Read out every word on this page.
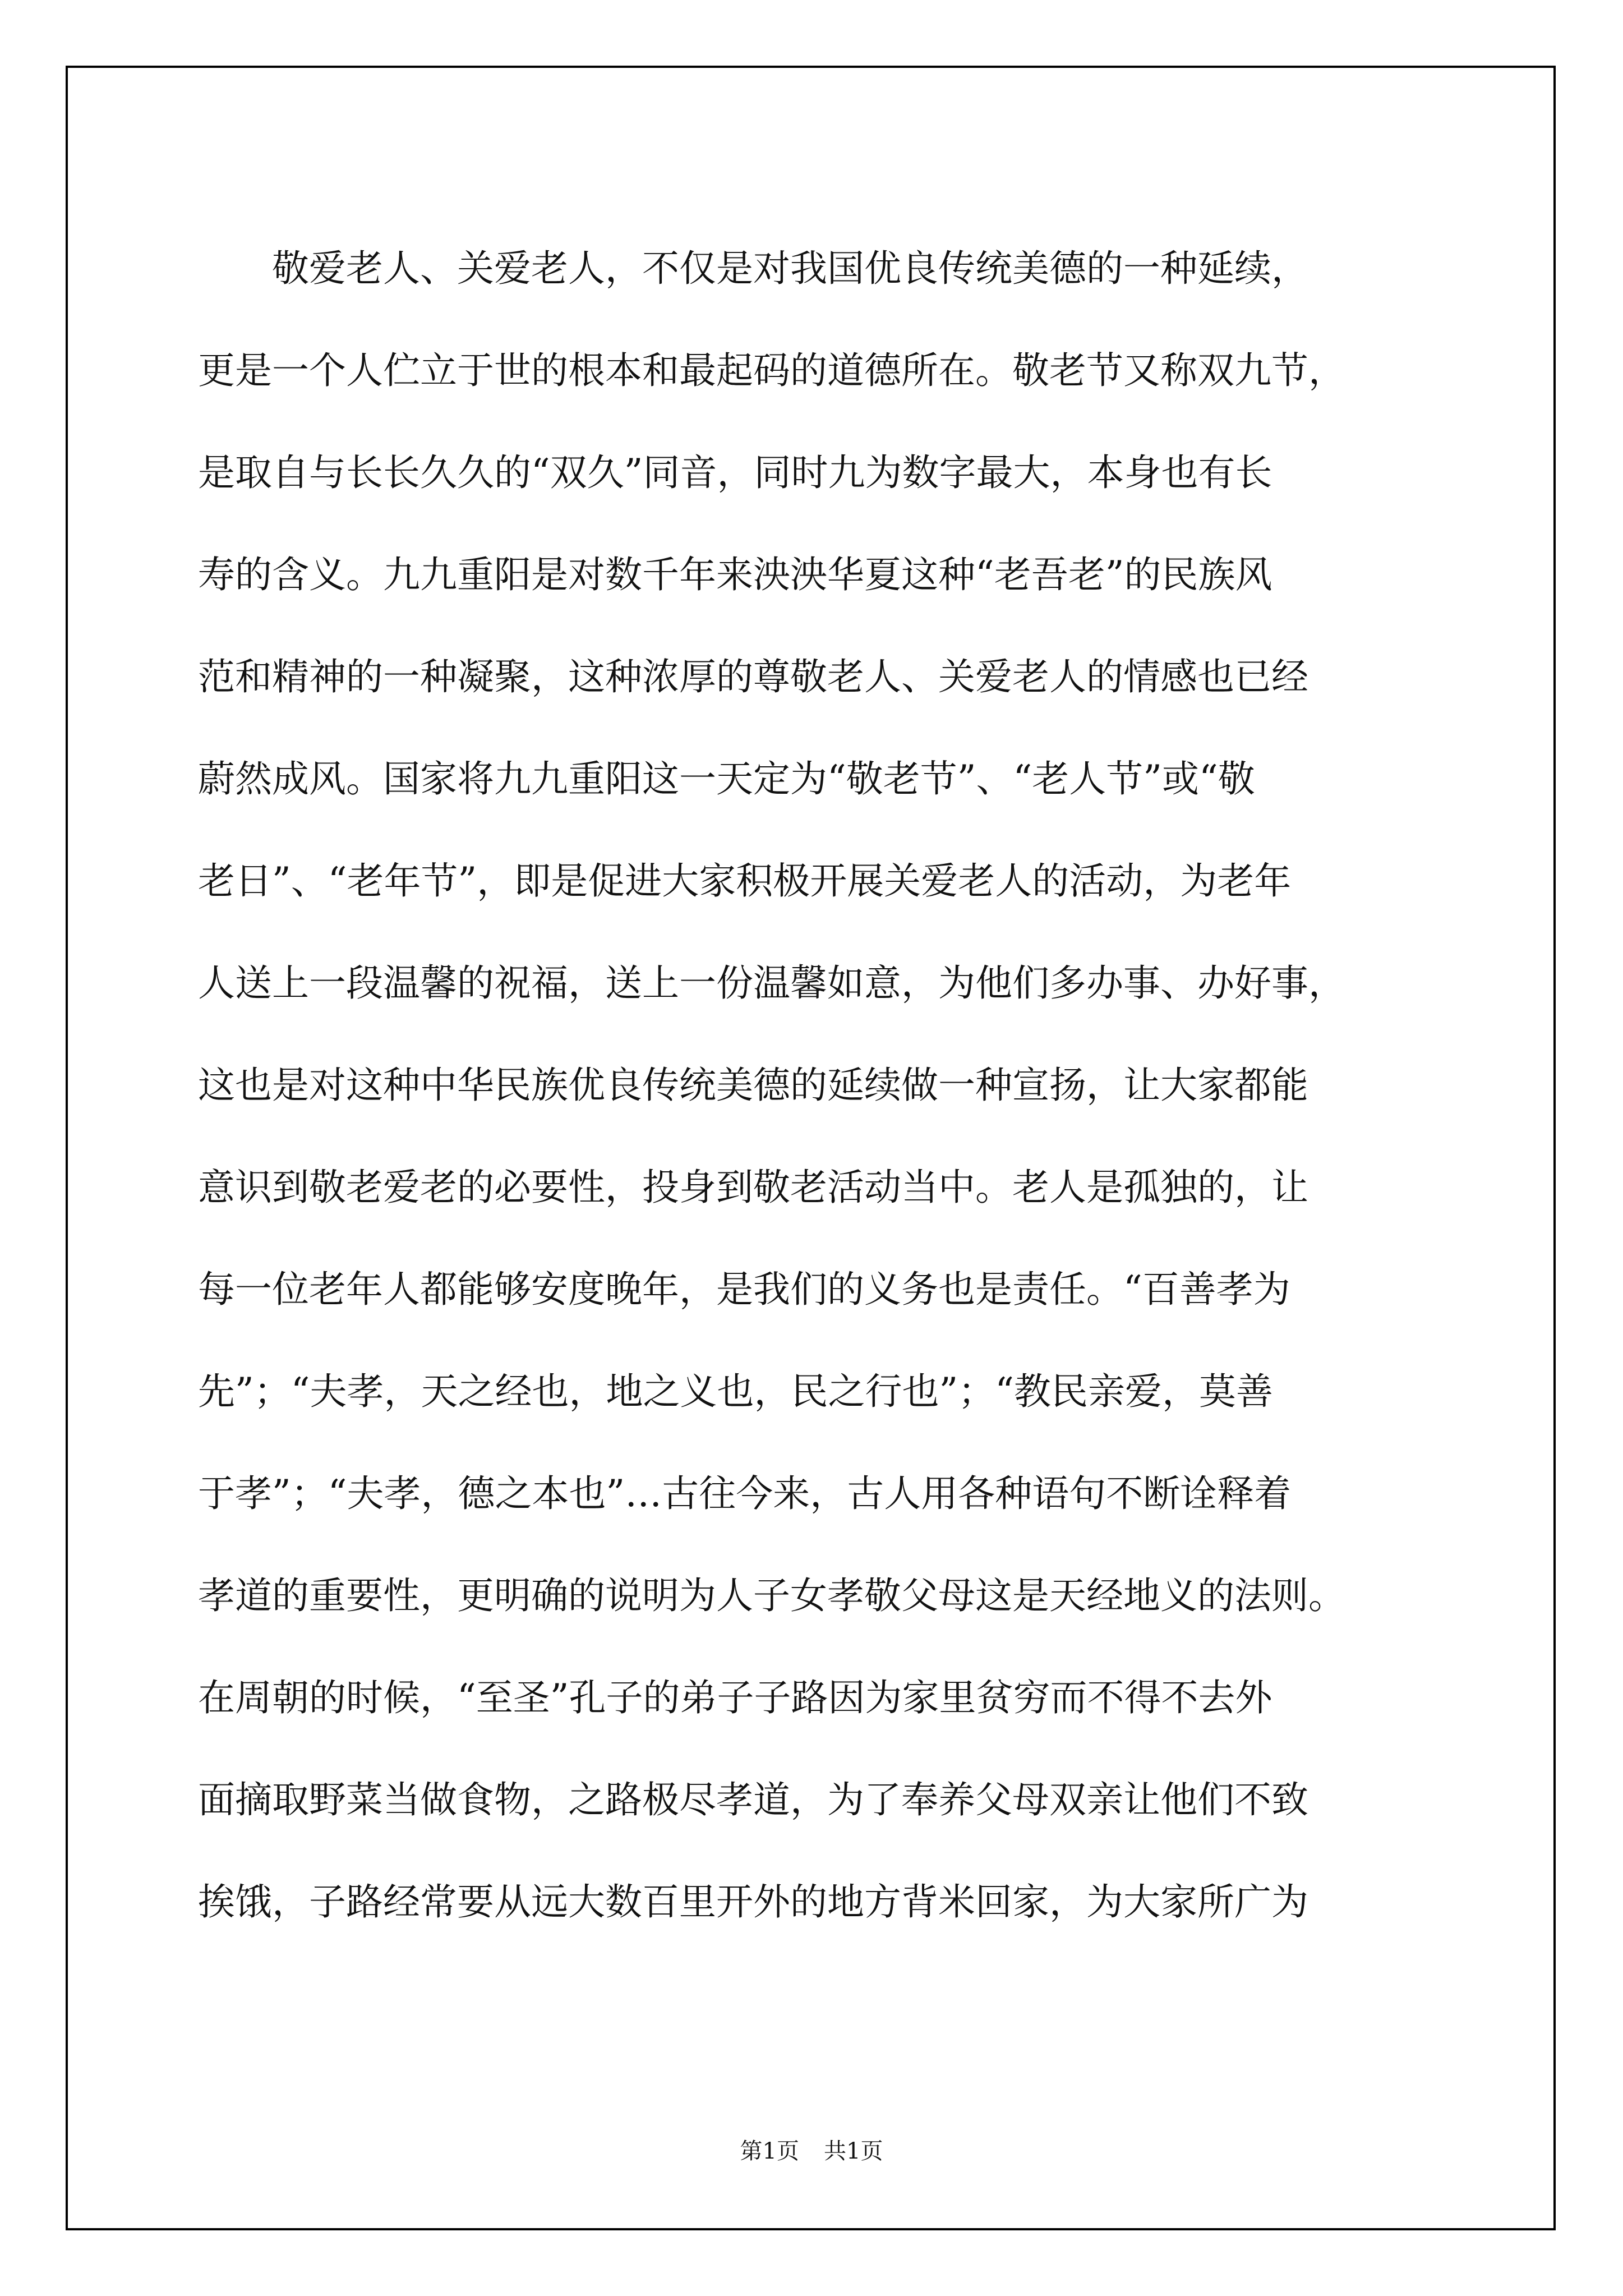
敬爱老人、关爱老人，不仅是对我国优良传统美德的一种延续，
更是一个人伫立于世的根本和最起码的道德所在。敬老节又称双九节，
是取自与长长久久的“双久”同音，同时九为数字最大，本身也有长
寿的含义。九九重阳是对数千年来泱泱华夏这种“老吾老”的民族风
范和精神的一种凝聚，这种浓厚的尊敬老人、关爱老人的情感也已经
蔚然成风。国家将九九重阳这一天定为“敬老节”、“老人节”或“敬
老日”、“老年节”，即是促进大家积极开展关爱老人的活动，为老年
人送上一段温馨的祝福，送上一份温馨如意，为他们多办事、办好事，
这也是对这种中华民族优良传统美德的延续做一种宣扬，让大家都能
意识到敬老爱老的必要性，投身到敬老活动当中。老人是孤独的，让
每一位老年人都能够安度晚年，是我们的义务也是责任。“百善孝为
先”；“夫孝，天之经也，地之义也，民之行也”；“教民亲爱，莫善
于孝”；“夫孝，德之本也”…古往今来，古人用各种语句不断诠释着
孝道的重要性，更明确的说明为人子女孝敬父母这是天经地义的法则。
在周朝的时候，“至圣”孔子的弟子子路因为家里贫穷而不得不去外
面摘取野菜当做食物，之路极尽孝道，为了奉养父母双亲让他们不致
挨饿，子路经常要从远大数百里开外的地方背米回家，为大家所广为
第1页 共1页
